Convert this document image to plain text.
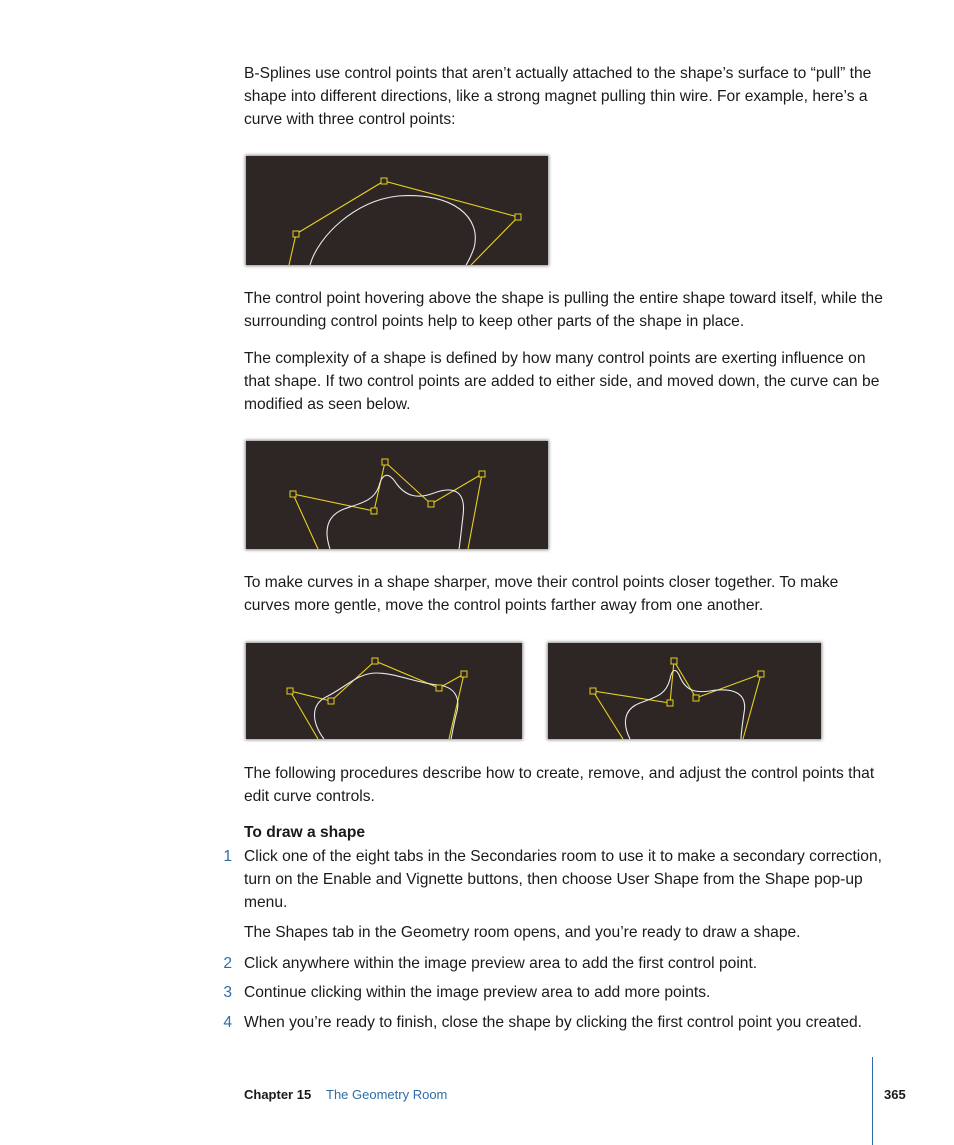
B-Splines use control points that aren’t actually attached to the shape’s surface to “pull” the shape into different directions, like a strong magnet pulling thin wire. For example, here’s a curve with three control points:

The control point hovering above the shape is pulling the entire shape toward itself, while the surrounding control points help to keep other parts of the shape in place.

The complexity of a shape is defined by how many control points are exerting influence on that shape. If two control points are added to either side, and moved down, the curve can be modified as seen below.

To make curves in a shape sharper, move their control points closer together. To make curves more gentle, move the control points farther away from one another.

The following procedures describe how to create, remove, and adjust the control points that edit curve controls.

To draw a shape

1 Click one of the eight tabs in the Secondaries room to use it to make a secondary correction, turn on the Enable and Vignette buttons, then choose User Shape from the Shape pop-up menu.

The Shapes tab in the Geometry room opens, and you’re ready to draw a shape.

2 Click anywhere within the image preview area to add the first control point.

3 Continue clicking within the image preview area to add more points.

4 When you’re ready to finish, close the shape by clicking the first control point you created.

Chapter 15 The Geometry Room	365
